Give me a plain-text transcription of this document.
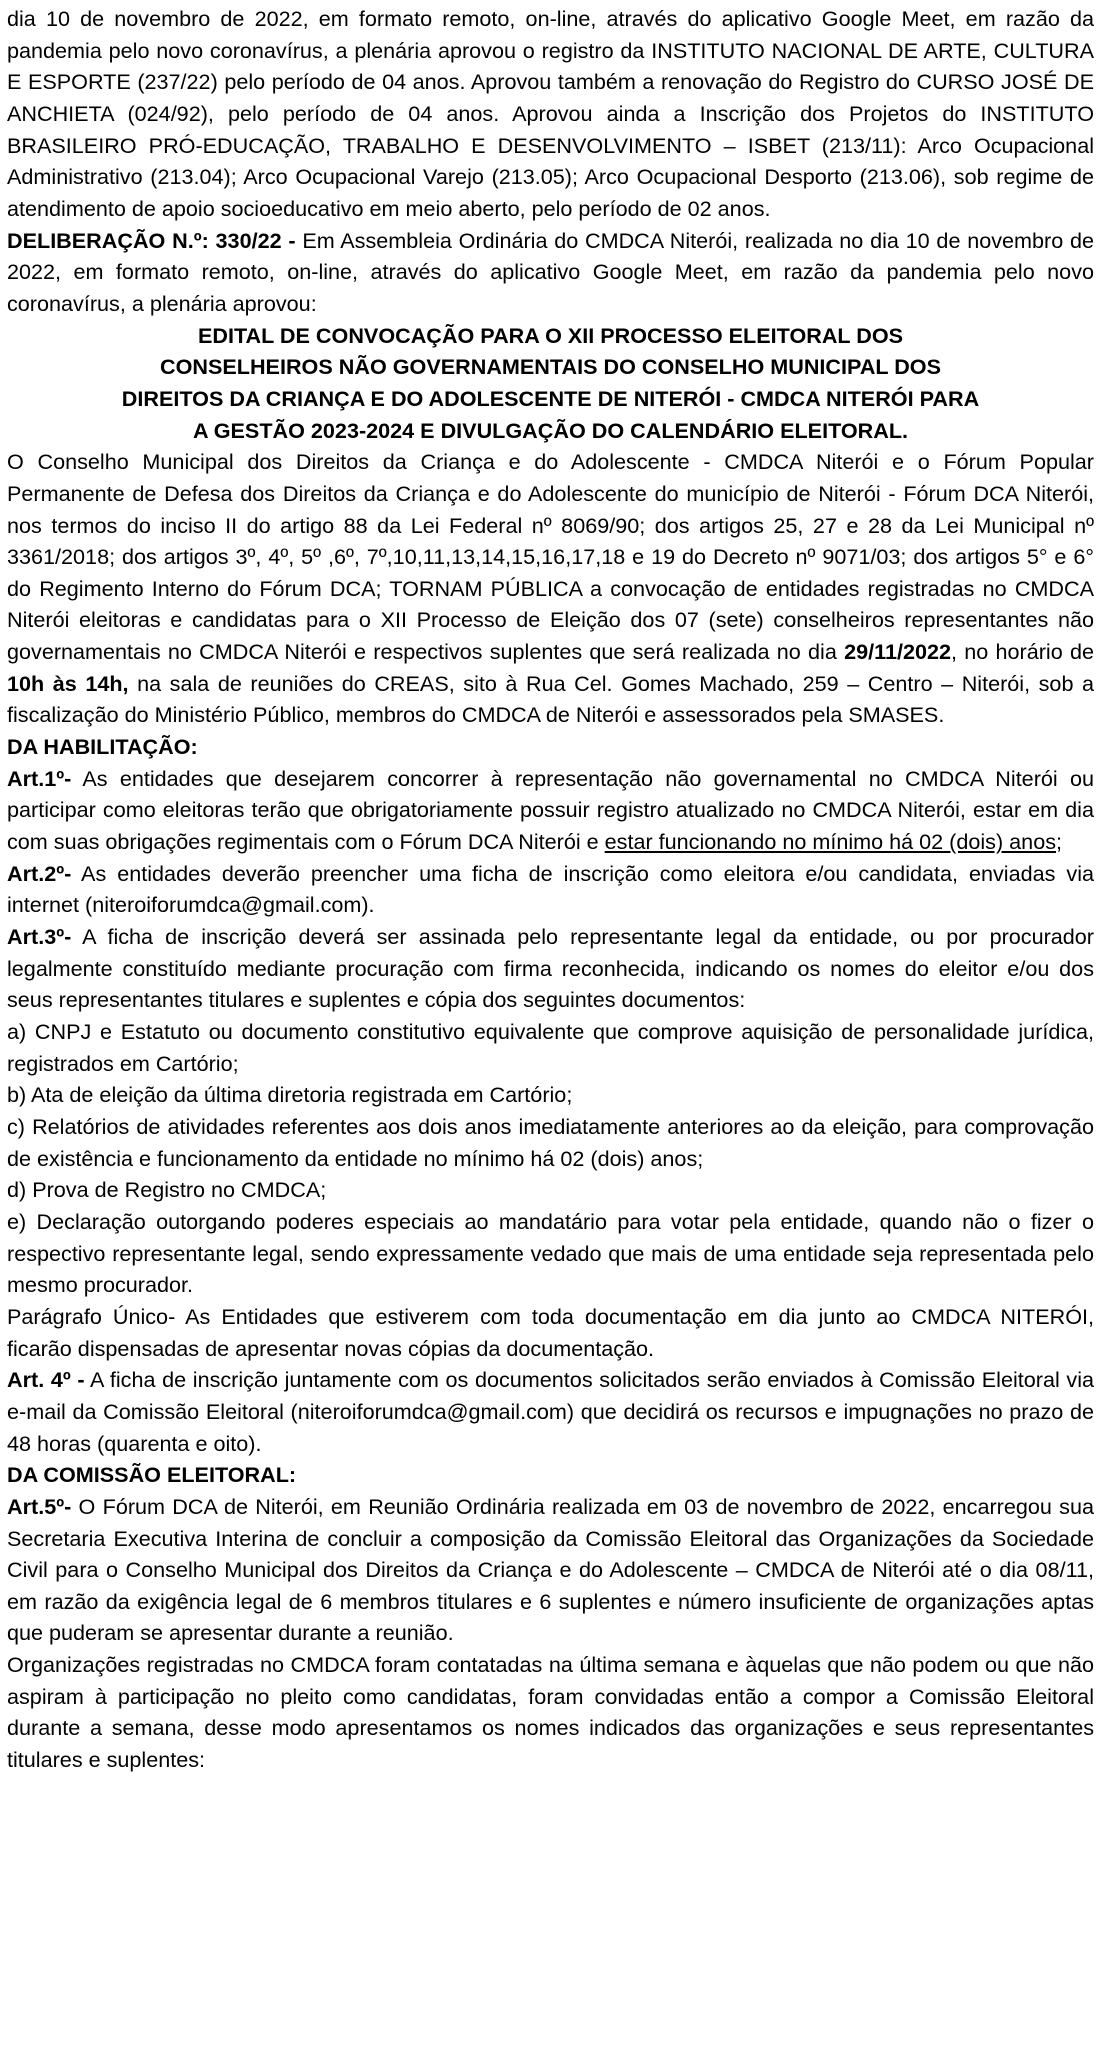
dia 10 de novembro de 2022, em formato remoto, on-line, através do aplicativo Google Meet, em razão da pandemia pelo novo coronavírus, a plenária aprovou o registro da INSTITUTO NACIONAL DE ARTE, CULTURA E ESPORTE (237/22) pelo período de 04 anos. Aprovou também a renovação do Registro do CURSO JOSÉ DE ANCHIETA (024/92), pelo período de 04 anos. Aprovou ainda a Inscrição dos Projetos do INSTITUTO BRASILEIRO PRÓ-EDUCAÇÃO, TRABALHO E DESENVOLVIMENTO – ISBET (213/11): Arco Ocupacional Administrativo (213.04); Arco Ocupacional Varejo (213.05); Arco Ocupacional Desporto (213.06), sob regime de atendimento de apoio socioeducativo em meio aberto, pelo período de 02 anos.

DELIBERAÇÃO N.º: 330/22 - Em Assembleia Ordinária do CMDCA Niterói, realizada no dia 10 de novembro de 2022, em formato remoto, on-line, através do aplicativo Google Meet, em razão da pandemia pelo novo coronavírus, a plenária aprovou:

EDITAL DE CONVOCAÇÃO PARA O XII PROCESSO ELEITORAL DOS
CONSELHEIROS NÃO GOVERNAMENTAIS DO CONSELHO MUNICIPAL DOS
DIREITOS DA CRIANÇA E DO ADOLESCENTE DE NITERÓI - CMDCA NITERÓI PARA
A GESTÃO 2023-2024 E DIVULGAÇÃO DO CALENDÁRIO ELEITORAL.

O Conselho Municipal dos Direitos da Criança e do Adolescente - CMDCA Niterói e o Fórum Popular Permanente de Defesa dos Direitos da Criança e do Adolescente do município de Niterói - Fórum DCA Niterói, nos termos do inciso II do artigo 88 da Lei Federal nº 8069/90; dos artigos 25, 27 e 28 da Lei Municipal nº 3361/2018; dos artigos 3º, 4º, 5º ,6º, 7º,10,11,13,14,15,16,17,18 e 19 do Decreto nº 9071/03; dos artigos 5° e 6° do Regimento Interno do Fórum DCA; TORNAM PÚBLICA a convocação de entidades registradas no CMDCA Niterói eleitoras e candidatas para o XII Processo de Eleição dos 07 (sete) conselheiros representantes não governamentais no CMDCA Niterói e respectivos suplentes que será realizada no dia 29/11/2022, no horário de 10h às 14h, na sala de reuniões do CREAS, sito à Rua Cel. Gomes Machado, 259 – Centro – Niterói, sob a fiscalização do Ministério Público, membros do CMDCA de Niterói e assessorados pela SMASES.

DA HABILITAÇÃO:

Art.1º- As entidades que desejarem concorrer à representação não governamental no CMDCA Niterói ou participar como eleitoras terão que obrigatoriamente possuir registro atualizado no CMDCA Niterói, estar em dia com suas obrigações regimentais com o Fórum DCA Niterói e estar funcionando no mínimo há 02 (dois) anos;

Art.2º- As entidades deverão preencher uma ficha de inscrição como eleitora e/ou candidata, enviadas via internet (niteroiforumdca@gmail.com).

Art.3º- A ficha de inscrição deverá ser assinada pelo representante legal da entidade, ou por procurador legalmente constituído mediante procuração com firma reconhecida, indicando os nomes do eleitor e/ou dos seus representantes titulares e suplentes e cópia dos seguintes documentos:

a) CNPJ e Estatuto ou documento constitutivo equivalente que comprove aquisição de personalidade jurídica, registrados em Cartório;

b) Ata de eleição da última diretoria registrada em Cartório;

c) Relatórios de atividades referentes aos dois anos imediatamente anteriores ao da eleição, para comprovação de existência e funcionamento da entidade no mínimo há 02 (dois) anos;

d) Prova de Registro no CMDCA;

e) Declaração outorgando poderes especiais ao mandatário para votar pela entidade, quando não o fizer o respectivo representante legal, sendo expressamente vedado que mais de uma entidade seja representada pelo mesmo procurador.

Parágrafo Único- As Entidades que estiverem com toda documentação em dia junto ao CMDCA NITERÓI, ficarão dispensadas de apresentar novas cópias da documentação.

Art. 4º - A ficha de inscrição juntamente com os documentos solicitados serão enviados à Comissão Eleitoral via e-mail da Comissão Eleitoral (niteroiforumdca@gmail.com) que decidirá os recursos e impugnações no prazo de 48 horas (quarenta e oito).

DA COMISSÃO ELEITORAL:

Art.5º- O Fórum DCA de Niterói, em Reunião Ordinária realizada em 03 de novembro de 2022, encarregou sua Secretaria Executiva Interina de concluir a composição da Comissão Eleitoral das Organizações da Sociedade Civil para o Conselho Municipal dos Direitos da Criança e do Adolescente – CMDCA de Niterói até o dia 08/11, em razão da exigência legal de 6 membros titulares e 6 suplentes e número insuficiente de organizações aptas que puderam se apresentar durante a reunião.

Organizações registradas no CMDCA foram contatadas na última semana e àquelas que não podem ou que não aspiram à participação no pleito como candidatas, foram convidadas então a compor a Comissão Eleitoral durante a semana, desse modo apresentamos os nomes indicados das organizações e seus representantes titulares e suplentes:
